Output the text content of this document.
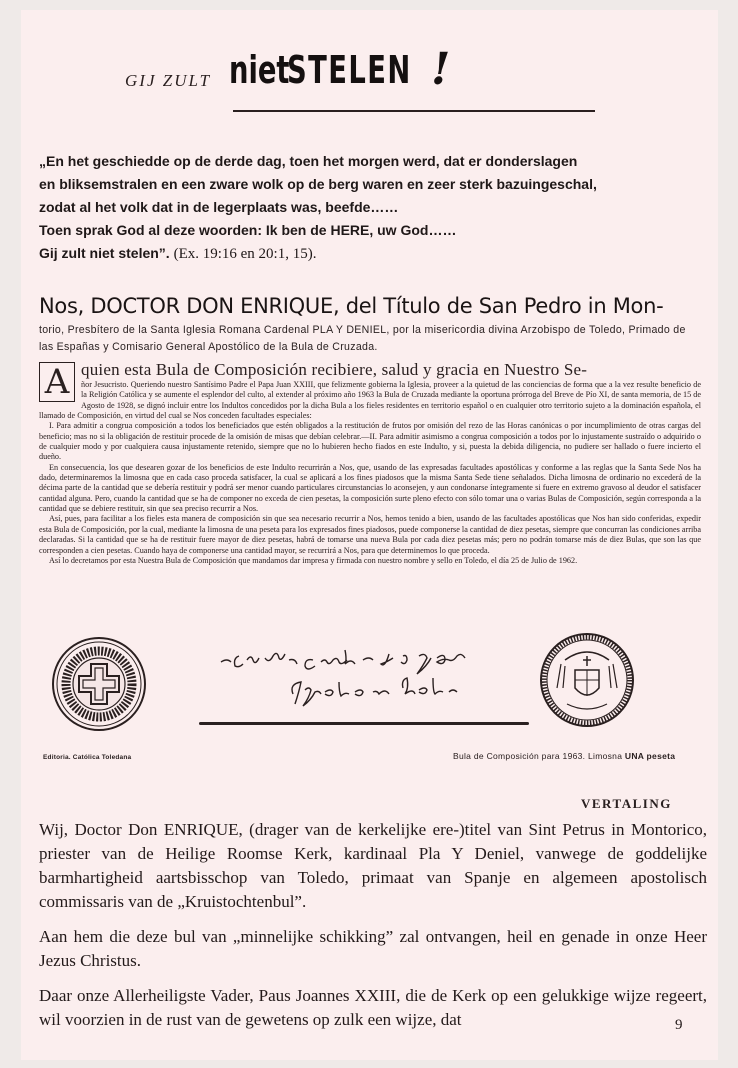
GIJ ZULT niet
STELEN !
„En het geschiedde op de derde dag, toen het morgen werd, dat er donderslagen
en bliksemstralen en een zware wolk op de berg waren en zeer sterk bazuingeschal,
zodat al het volk dat in de legerplaats was, beefde……
Toen sprak God al deze woorden: Ik ben de HERE, uw God……
Gij zult niet stelen”. (Ex. 19:16 en 20:1, 15).
Nos, DOCTOR DON ENRIQUE, del Título de San Pedro in Mon-
torio, Presbítero de la Santa Iglesia Romana Cardenal PLA Y DENIEL, por la misericordia divina Arzobispo de Toledo, Primado de las Españas y Comisario General Apostólico de la Bula de Cruzada.
A quien esta Bula de Composición recibiere, salud y gracia en Nuestro Se-

ñor Jesucristo. Queriendo nuestro Santísimo Padre el Papa Juan XXIII, que felizmente gobierna la Iglesia, proveer a la quietud de las conciencias de forma que a la vez resulte beneficio de la Religión Católica y se aumente el esplendor del culto, al extender al próximo año 1963 la Bula de Cruzada mediante la oportuna prórroga del Breve de Pío XI, de santa memoria, de 15 de Agosto de 1928, se dignó incluir entre los Indultos concedidos por la dicha Bula a los fieles residentes en territorio español o en cualquier otro territorio sujeto a la dominación española, el llamado de Composición, en virtud del cual se Nos conceden facultades especiales:

I. Para admitir a congrua composición a todos los beneficiados que estén obligados a la restitución de frutos por omisión del rezo de las Horas canónicas o por incumplimiento de otras cargas del beneficio; mas no si la obligación de restituir procede de la omisión de misas que debían celebrar.—II. Para admitir asimismo a congrua composición a todos por lo injustamente sustraído o adquirido o de cualquier modo y por cualquiera causa injustamente retenido, siempre que no lo hubieren hecho fiados en este Indulto, y si, puesta la debida diligencia, no pudiere ser hallado o fuere incierto el dueño.

En consecuencia, los que desearen gozar de los beneficios de este Indulto recurrirán a Nos, que, usando de las expresadas facultades apostólicas y conforme a las reglas que la Santa Sede Nos ha dado, determinaremos la limosna que en cada caso proceda satisfacer, la cual se aplicará a los fines piadosos que la misma Santa Sede tiene señalados. Dicha limosna de ordinario no excederá de la décima parte de la cantidad que se debería restituir y podrá ser menor cuando particulares circunstancias lo aconsejen, y aun condonarse íntegramente si fuere en extremo gravoso al deudor el satisfacer cantidad alguna. Pero, cuando la cantidad que se ha de componer no exceda de cien pesetas, la composición surte pleno efecto con sólo tomar una o varias Bulas de Composición, según corresponda a la cantidad que se debiere restituir, sin que sea preciso recurrir a Nos.

Así, pues, para facilitar a los fieles esta manera de composición sin que sea necesario recurrir a Nos, hemos tenido a bien, usando de las facultades apostólicas que Nos han sido conferidas, expedir esta Bula de Composición, por la cual, mediante la limosna de una peseta para los expresados fines piadosos, puede componerse la cantidad de diez pesetas, siempre que concurran las condiciones arriba declaradas. Si la cantidad que se ha de restituir fuere mayor de diez pesetas, habrá de tomarse una nueva Bula por cada diez pesetas más; pero no podrán tomarse más de diez Bulas, que son las que corresponden a cien pesetas. Cuando haya de componerse una cantidad mayor, se recurrirá a Nos, para que determinemos lo que proceda.

Así lo decretamos por esta Nuestra Bula de Composición que mandamos dar impresa y firmada con nuestro nombre y sello en Toledo, el día 25 de Julio de 1962.

Editoria. Católica Toledana	Bula de Composición para 1963. Limosna UNA peseta
VERTALING

Wij, Doctor Don ENRIQUE, (drager van de kerkelijke ere-)titel van Sint Petrus in Montorico, priester van de Heilige Roomse Kerk, kardinaal Pla Y Deniel, vanwege de goddelijke barmhartigheid aartsbisschop van Toledo, primaat van Spanje en algemeen apostolisch commissaris van de „Kruistochtenbul”.

Aan hem die deze bul van „minnelijke schikking” zal ontvangen, heil en genade in onze Heer Jezus Christus.

Daar onze Allerheiligste Vader, Paus Joannes XXIII, die de Kerk op een gelukkige wijze regeert, wil voorzien in de rust van de gewetens op zulk een wijze, dat	9
